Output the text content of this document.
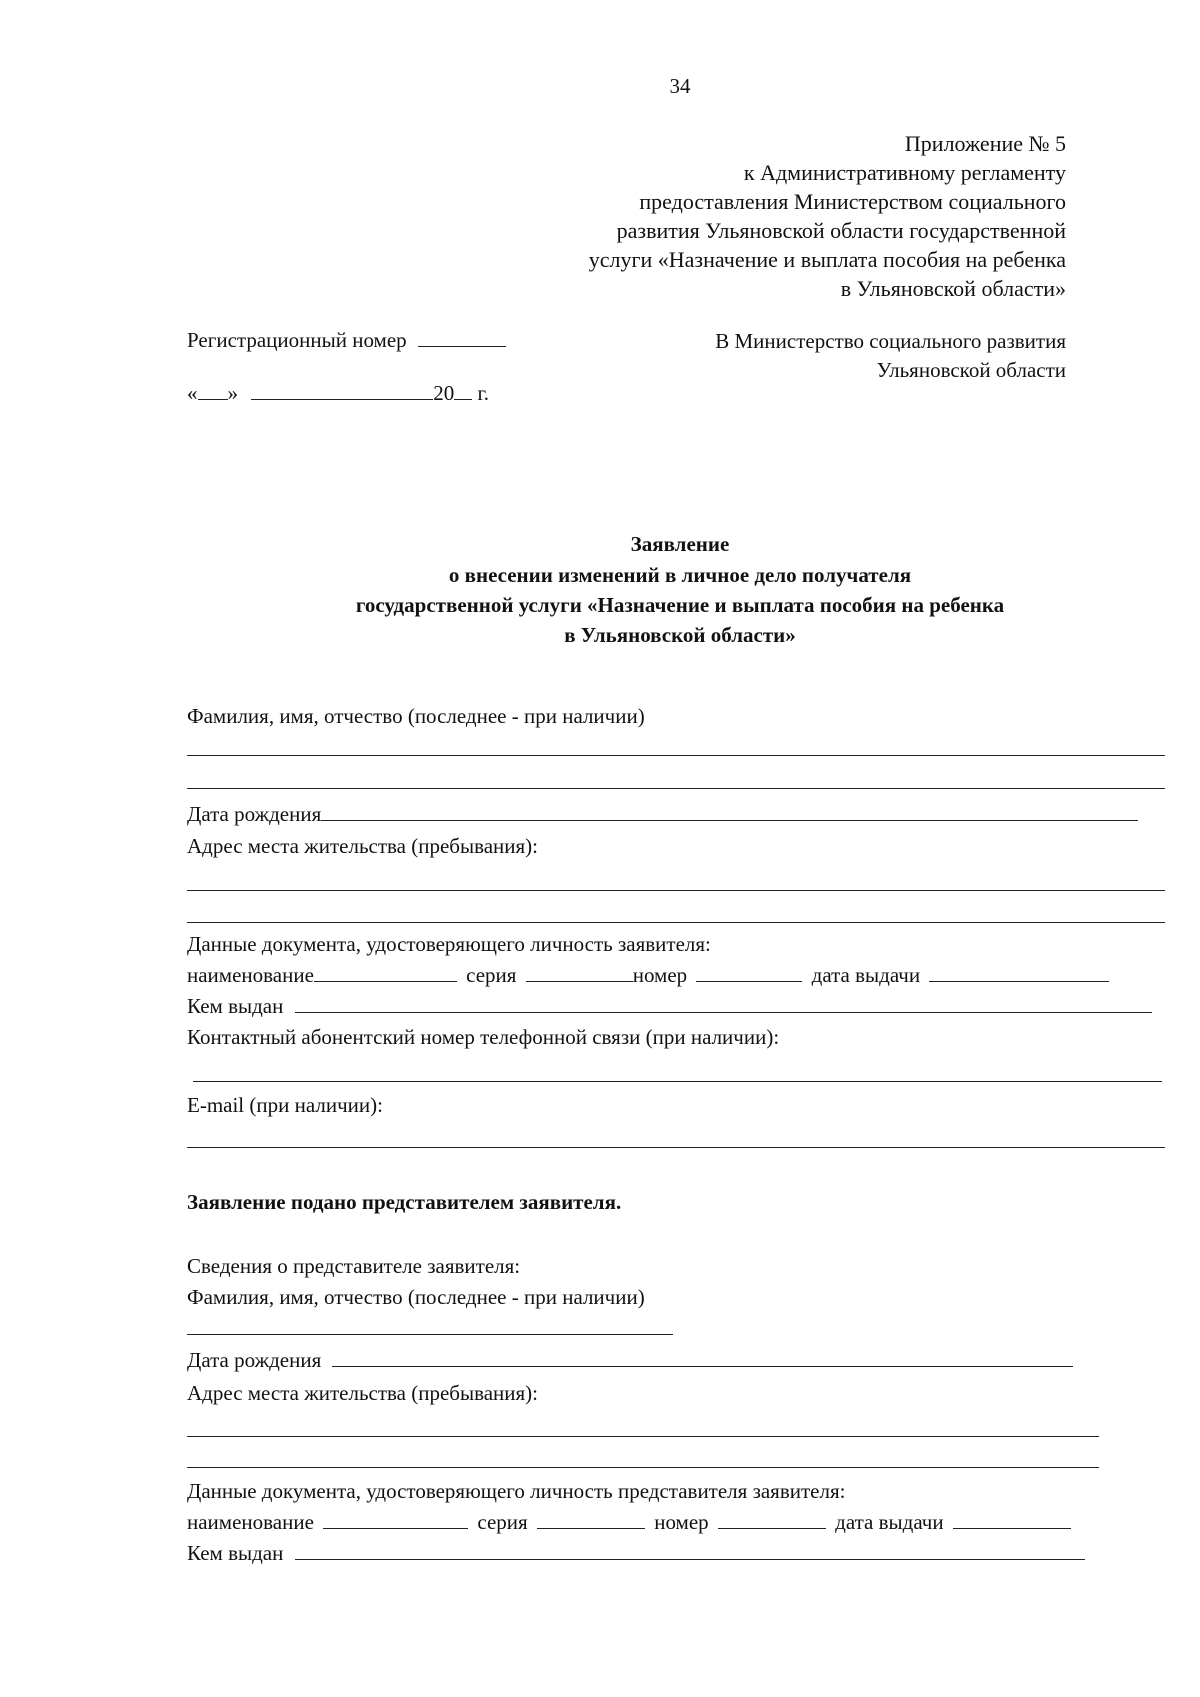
34
Приложение № 5
к Административному регламенту
предоставления Министерством социального
развития Ульяновской области государственной
услуги «Назначение и выплата пособия на ребенка
в Ульяновской области»
Регистрационный номер
« »	20 г.
В Министерство социального развития
Ульяновской области
Заявление
о внесении изменений в личное дело получателя
государственной услуги «Назначение и выплата пособия на ребенка
в Ульяновской области»
Фамилия, имя, отчество (последнее - при наличии)
Дата рождения
Адрес места жительства (пребывания):
Данные документа, удостоверяющего личность заявителя:
наименование	серия	номер	дата выдачи
Кем выдан
Контактный абонентский номер телефонной связи (при наличии):
E-mail (при наличии):
Заявление подано представителем заявителя.
Сведения о представителе заявителя:
Фамилия, имя, отчество (последнее - при наличии)
Дата рождения
Адрес места жительства (пребывания):
Данные документа, удостоверяющего личность представителя заявителя:
наименование	серия	номер	дата выдачи
Кем выдан
